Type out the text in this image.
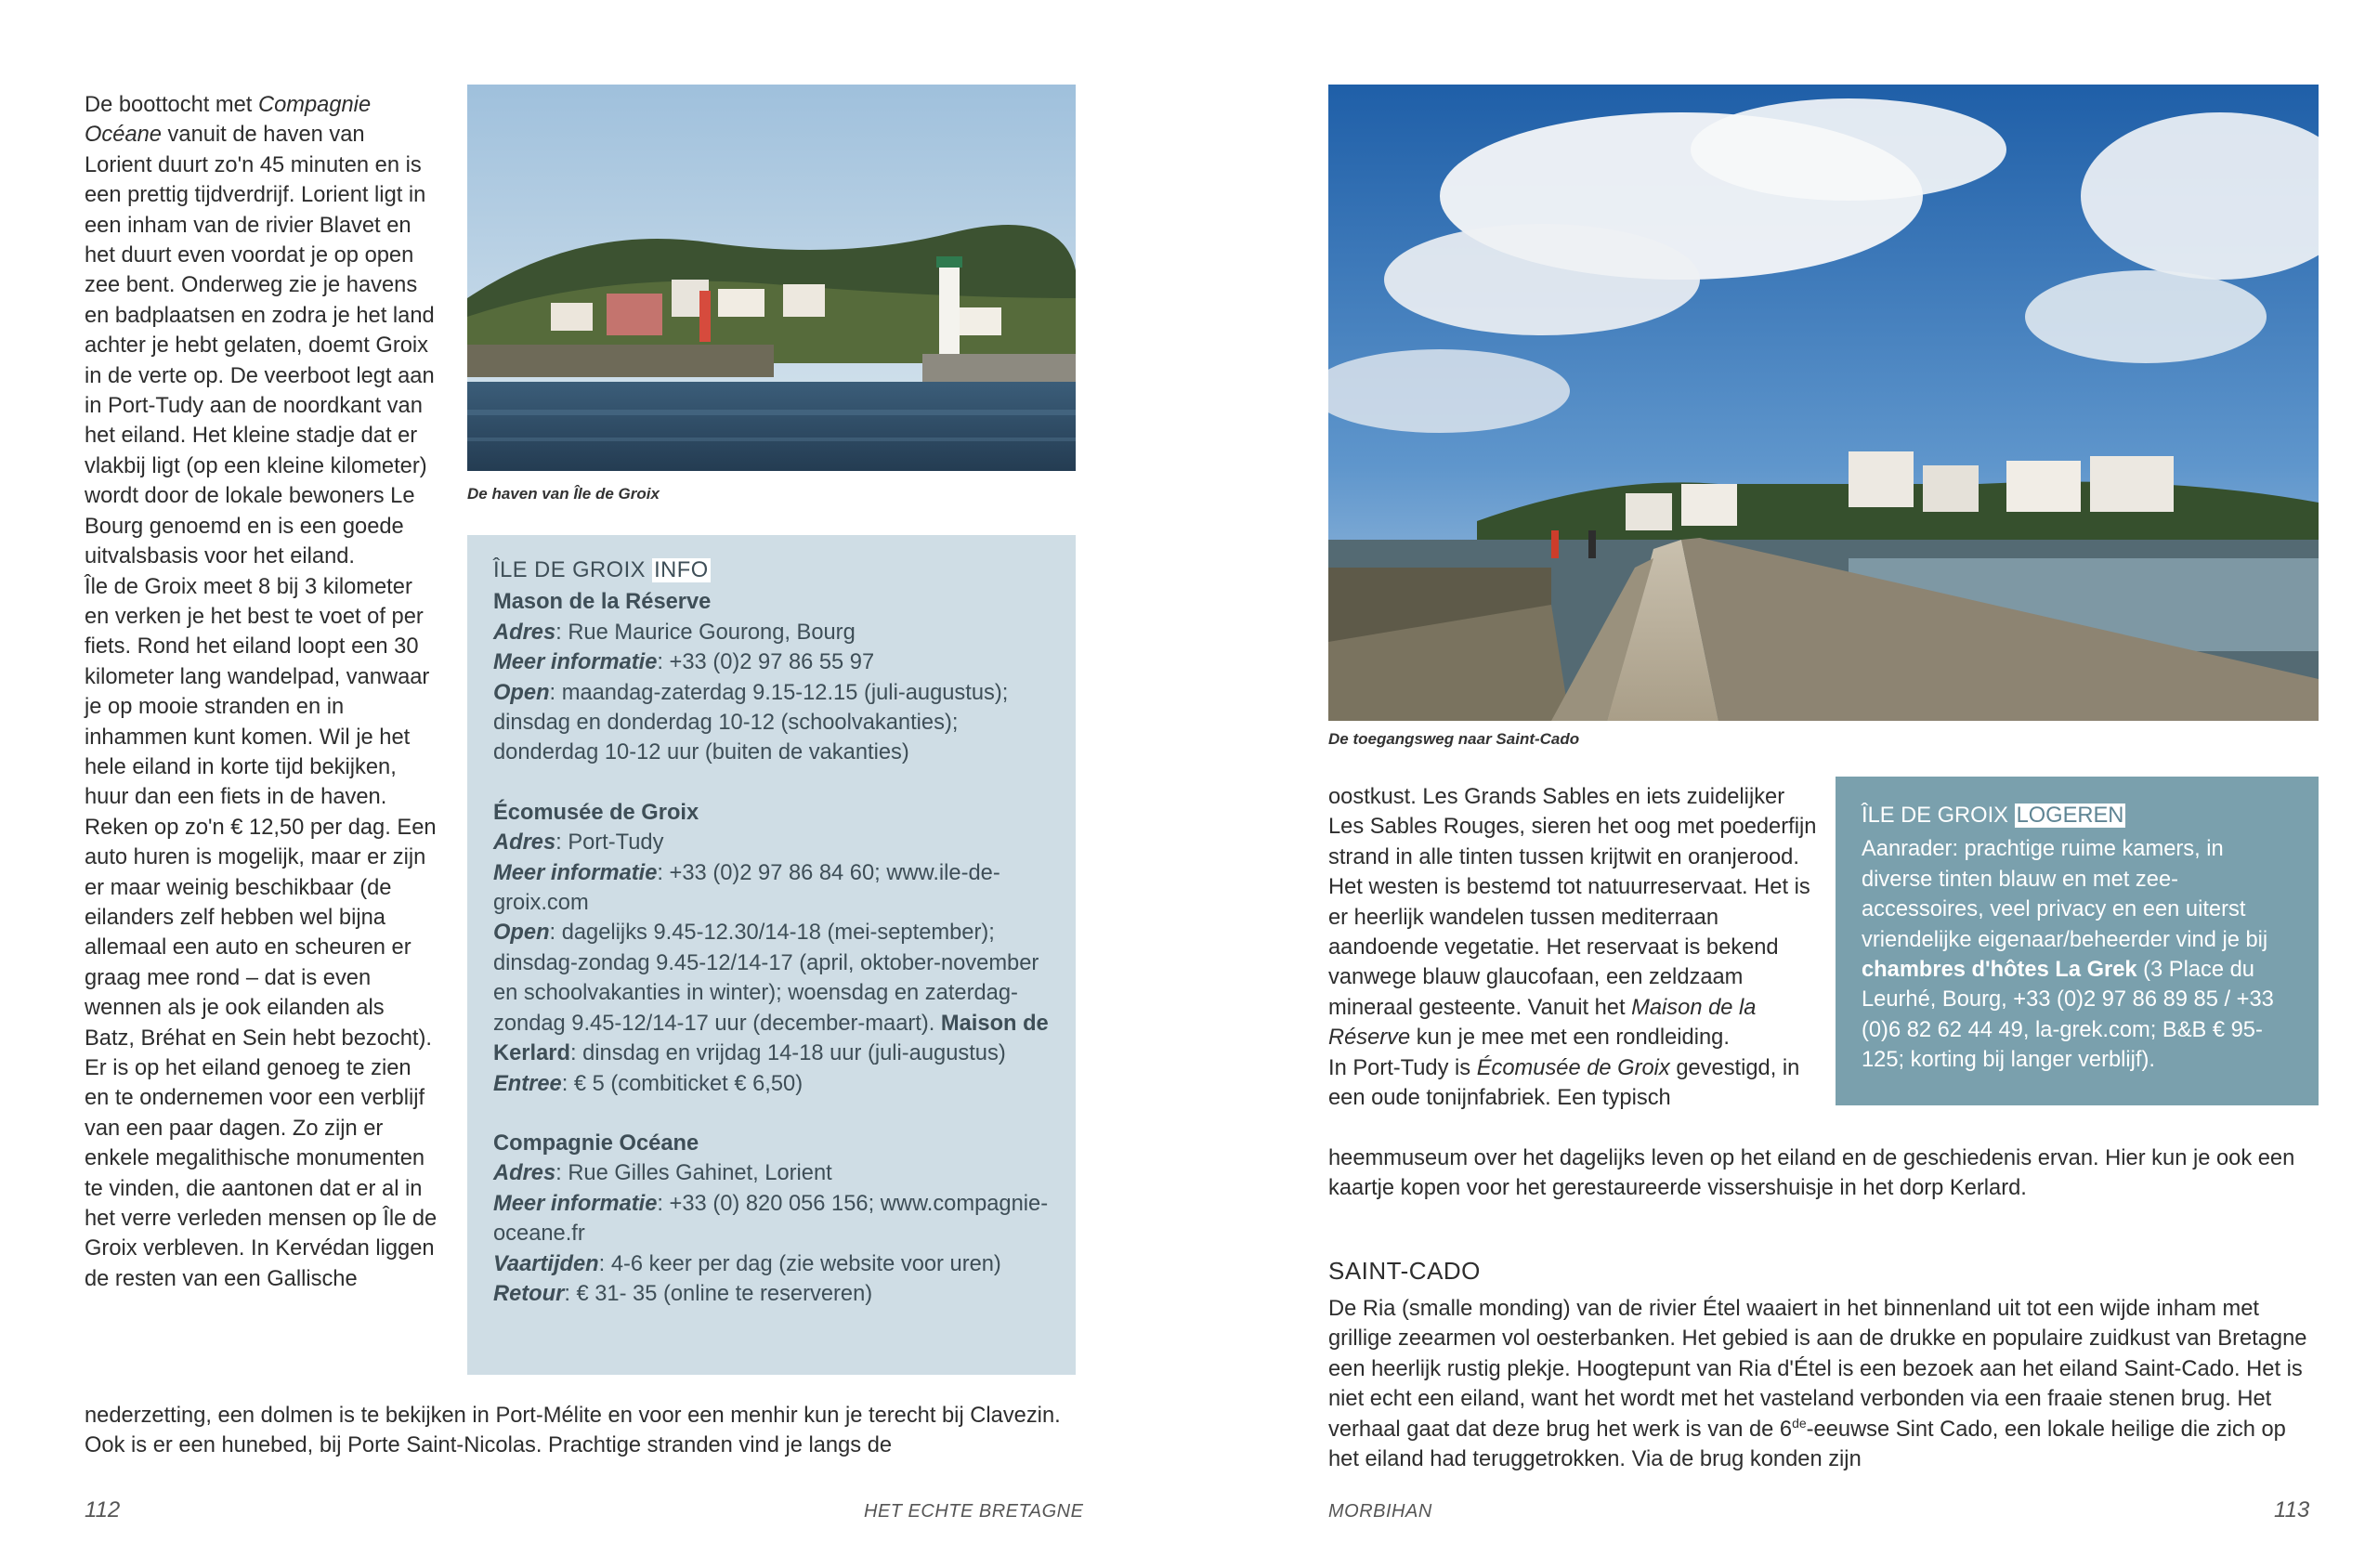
De boottocht met Compagnie Océane vanuit de haven van Lorient duurt zo'n 45 minuten en is een prettig tijdverdrijf. Lorient ligt in een inham van de rivier Blavet en het duurt even voordat je op open zee bent. Onderweg zie je havens en badplaatsen en zodra je het land achter je hebt gelaten, doemt Groix in de verte op. De veerboot legt aan in Port-Tudy aan de noordkant van het eiland. Het kleine stadje dat er vlakbij ligt (op een kleine kilometer) wordt door de lokale bewoners Le Bourg genoemd en is een goede uitvalsbasis voor het eiland.

Île de Groix meet 8 bij 3 kilometer en verken je het best te voet of per fiets. Rond het eiland loopt een 30 kilometer lang wandelpad, vanwaar je op mooie stranden en in inhammen kunt komen. Wil je het hele eiland in korte tijd bekijken, huur dan een fiets in de haven. Reken op zo'n € 12,50 per dag. Een auto huren is mogelijk, maar er zijn er maar weinig beschikbaar (de eilanders zelf hebben wel bijna allemaal een auto en scheuren er graag mee rond – dat is even wennen als je ook eilanden als Batz, Bréhat en Sein hebt bezocht).

Er is op het eiland genoeg te zien en te ondernemen voor een verblijf van een paar dagen. Zo zijn er enkele megalithische monumenten te vinden, die aantonen dat er al in het verre verleden mensen op Île de Groix verbleven. In Kervédan liggen de resten van een Gallische

De haven van Île de Groix
ÎLE DE GROIX INFO
Mason de la Réserve
Adres: Rue Maurice Gourong, Bourg
Meer informatie: +33 (0)2 97 86 55 97
Open: maandag-zaterdag 9.15-12.15 (juli-augustus); dinsdag en donderdag 10-12 (schoolvakanties); donderdag 10-12 uur (buiten de vakanties)
Écomusée de Groix
Adres: Port-Tudy
Meer informatie: +33 (0)2 97 86 84 60; www.ile-de-groix.com
Open: dagelijks 9.45-12.30/14-18 (mei-september); dinsdag-zondag 9.45-12/14-17 (april, oktober-november en schoolvakanties in winter); woensdag en zaterdag-zondag 9.45-12/14-17 uur (december-maart). Maison de Kerlard: dinsdag en vrijdag 14-18 uur (juli-augustus)
Entree: € 5 (combiticket € 6,50)
Compagnie Océane
Adres: Rue Gilles Gahinet, Lorient
Meer informatie: +33 (0) 820 056 156; www.compagnie-oceane.fr
Vaartijden: 4-6 keer per dag (zie website voor uren)
Retour: € 31- 35 (online te reserveren)

nederzetting, een dolmen is te bekijken in Port-Mélite en voor een menhir kun je terecht bij Clavezin. Ook is er een hunebed, bij Porte Saint-Nicolas. Prachtige stranden vind je langs de

112	HET ECHTE BRETAGNE
De toegangsweg naar Saint-Cado

oostkust. Les Grands Sables en iets zuidelijker Les Sables Rouges, sieren het oog met poederfijn strand in alle tinten tussen krijtwit en oranjerood. Het westen is bestemd tot natuurreservaat. Het is er heerlijk wandelen tussen mediterraan aandoende vegetatie. Het reservaat is bekend vanwege blauw glaucofaan, een zeldzaam mineraal gesteente. Vanuit het Maison de la Réserve kun je mee met een rondleiding.

In Port-Tudy is Écomusée de Groix gevestigd, in een oude tonijnfabriek. Een typisch

heemmuseum over het dagelijks leven op het eiland en de geschiedenis ervan. Hier kun je ook een kaartje kopen voor het gerestaureerde vissershuisje in het dorp Kerlard.

ÎLE DE GROIX LOGEREN
Aanrader: prachtige ruime kamers, in diverse tinten blauw en met zee-accessoires, veel privacy en een uiterst vriendelijke eigenaar/beheerder vind je bij chambres d'hôtes La Grek (3 Place du Leurhé, Bourg, +33 (0)2 97 86 89 85 / +33 (0)6 82 62 44 49, la-grek.com; B&B € 95-125; korting bij langer verblijf).
SAINT-CADO

De Ria (smalle monding) van de rivier Étel waaiert in het binnenland uit tot een wijde inham met grillige zeearmen vol oesterbanken. Het gebied is aan de drukke en populaire zuidkust van Bretagne een heerlijk rustig plekje. Hoogtepunt van Ria d'Étel is een bezoek aan het eiland Saint-Cado. Het is niet echt een eiland, want het wordt met het vasteland verbonden via een fraaie stenen brug. Het verhaal gaat dat deze brug het werk is van de 6de-eeuwse Sint Cado, een lokale heilige die zich op het eiland had teruggetrokken. Via de brug konden zijn

MORBIHAN	113
